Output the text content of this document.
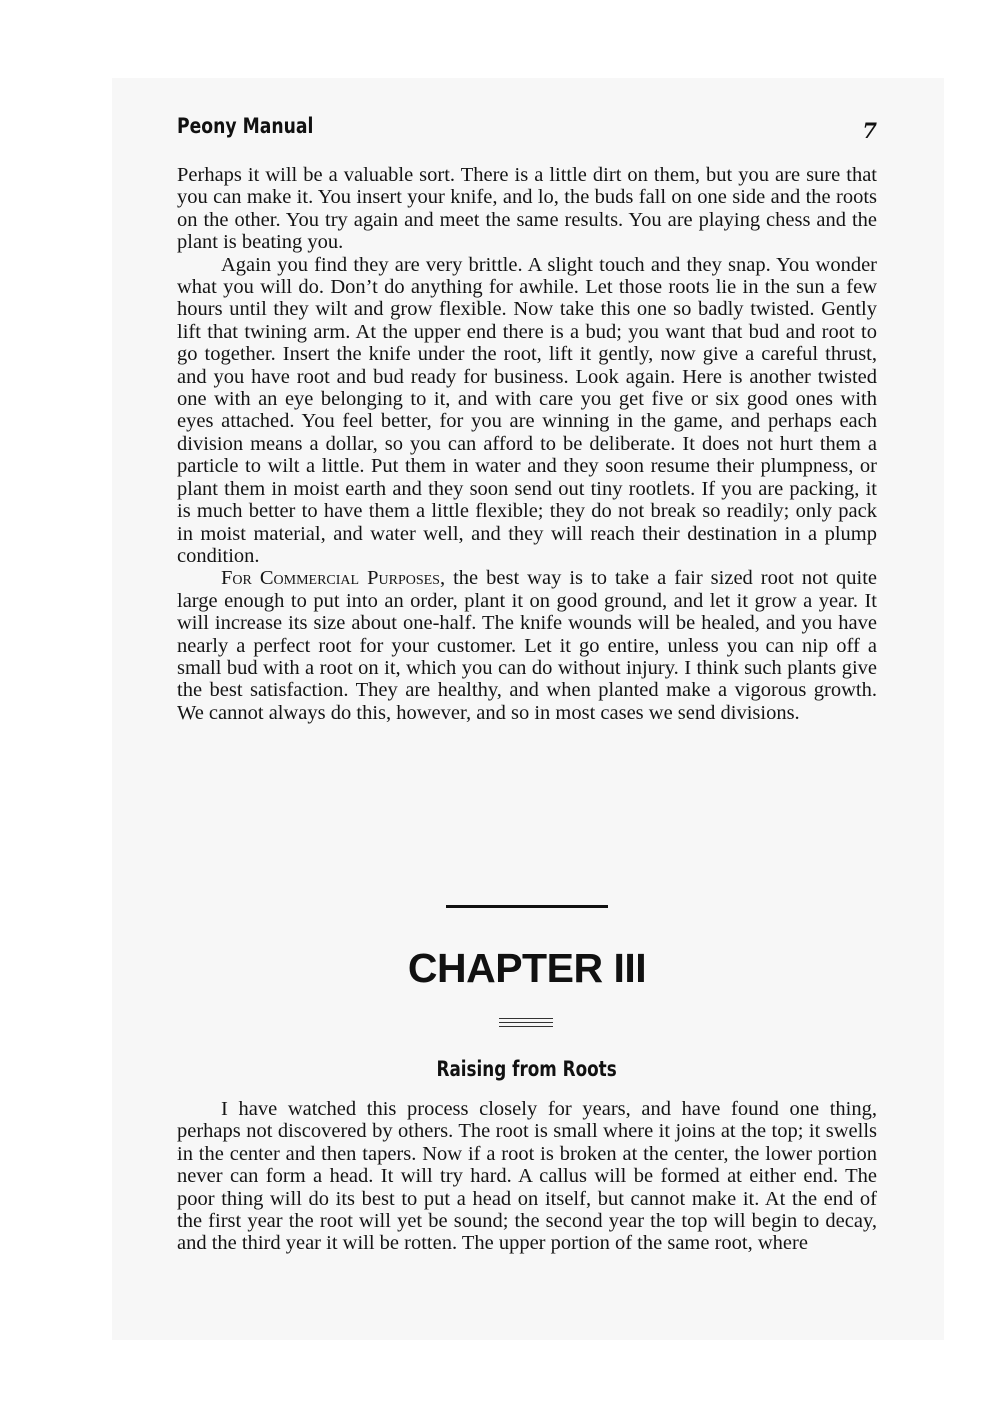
Peony Manual	7

Perhaps it will be a valuable sort. There is a little dirt on them, but you are sure that you can make it. You insert your knife, and lo, the buds fall on one side and the roots on the other. You try again and meet the same results. You are playing chess and the plant is beating you.

Again you find they are very brittle. A slight touch and they snap. You wonder what you will do. Don’t do anything for awhile. Let those roots lie in the sun a few hours until they wilt and grow flexible. Now take this one so badly twisted. Gently lift that twining arm. At the upper end there is a bud; you want that bud and root to go together. Insert the knife under the root, lift it gently, now give a careful thrust, and you have root and bud ready for business. Look again. Here is another twisted one with an eye belonging to it, and with care you get five or six good ones with eyes attached. You feel better, for you are winning in the game, and perhaps each division means a dollar, so you can afford to be deliberate. It does not hurt them a particle to wilt a little. Put them in water and they soon resume their plumpness, or plant them in moist earth and they soon send out tiny rootlets. If you are packing, it is much better to have them a little flexible; they do not break so readily; only pack in moist material, and water well, and they will reach their destination in a plump condition.

For Commercial Purposes, the best way is to take a fair sized root not quite large enough to put into an order, plant it on good ground, and let it grow a year. It will increase its size about one-half. The knife wounds will be healed, and you have nearly a perfect root for your customer. Let it go entire, unless you can nip off a small bud with a root on it, which you can do without injury. I think such plants give the best satisfaction. They are healthy, and when planted make a vigorous growth. We cannot always do this, however, and so in most cases we send divisions.

CHAPTER III
Raising from Roots

I have watched this process closely for years, and have found one thing, perhaps not discovered by others. The root is small where it joins at the top; it swells in the center and then tapers. Now if a root is broken at the center, the lower portion never can form a head. It will try hard. A callus will be formed at either end. The poor thing will do its best to put a head on itself, but cannot make it. At the end of the first year the root will yet be sound; the second year the top will begin to decay, and the third year it will be rotten. The upper portion of the same root, where
